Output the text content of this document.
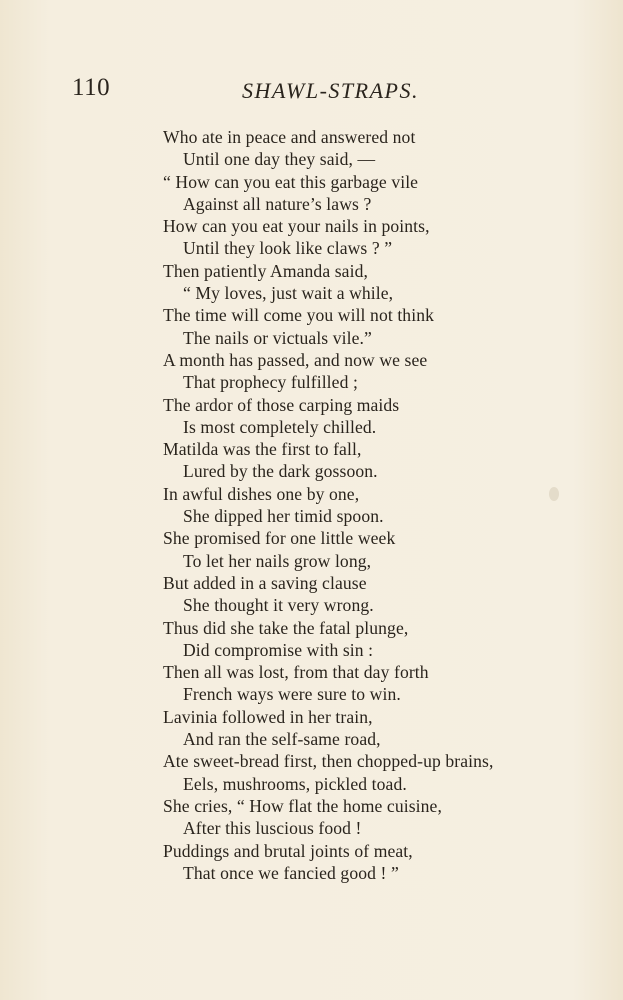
110	SHAWL-STRAPS.
Who ate in peace and answered not
Until one day they said, —
“ How can you eat this garbage vile
Against all nature’s laws ?
How can you eat your nails in points,
Until they look like claws ? ”
Then patiently Amanda said,
“ My loves, just wait a while,
The time will come you will not think
The nails or victuals vile.”
A month has passed, and now we see
That prophecy fulfilled ;
The ardor of those carping maids
Is most completely chilled.
Matilda was the first to fall,
Lured by the dark gossoon.
In awful dishes one by one,
She dipped her timid spoon.
She promised for one little week
To let her nails grow long,
But added in a saving clause
She thought it very wrong.
Thus did she take the fatal plunge,
Did compromise with sin :
Then all was lost, from that day forth
French ways were sure to win.
Lavinia followed in her train,
And ran the self-same road,
Ate sweet-bread first, then chopped-up brains,
Eels, mushrooms, pickled toad.
She cries, “ How flat the home cuisine,
After this luscious food !
Puddings and brutal joints of meat,
That once we fancied good ! ”
